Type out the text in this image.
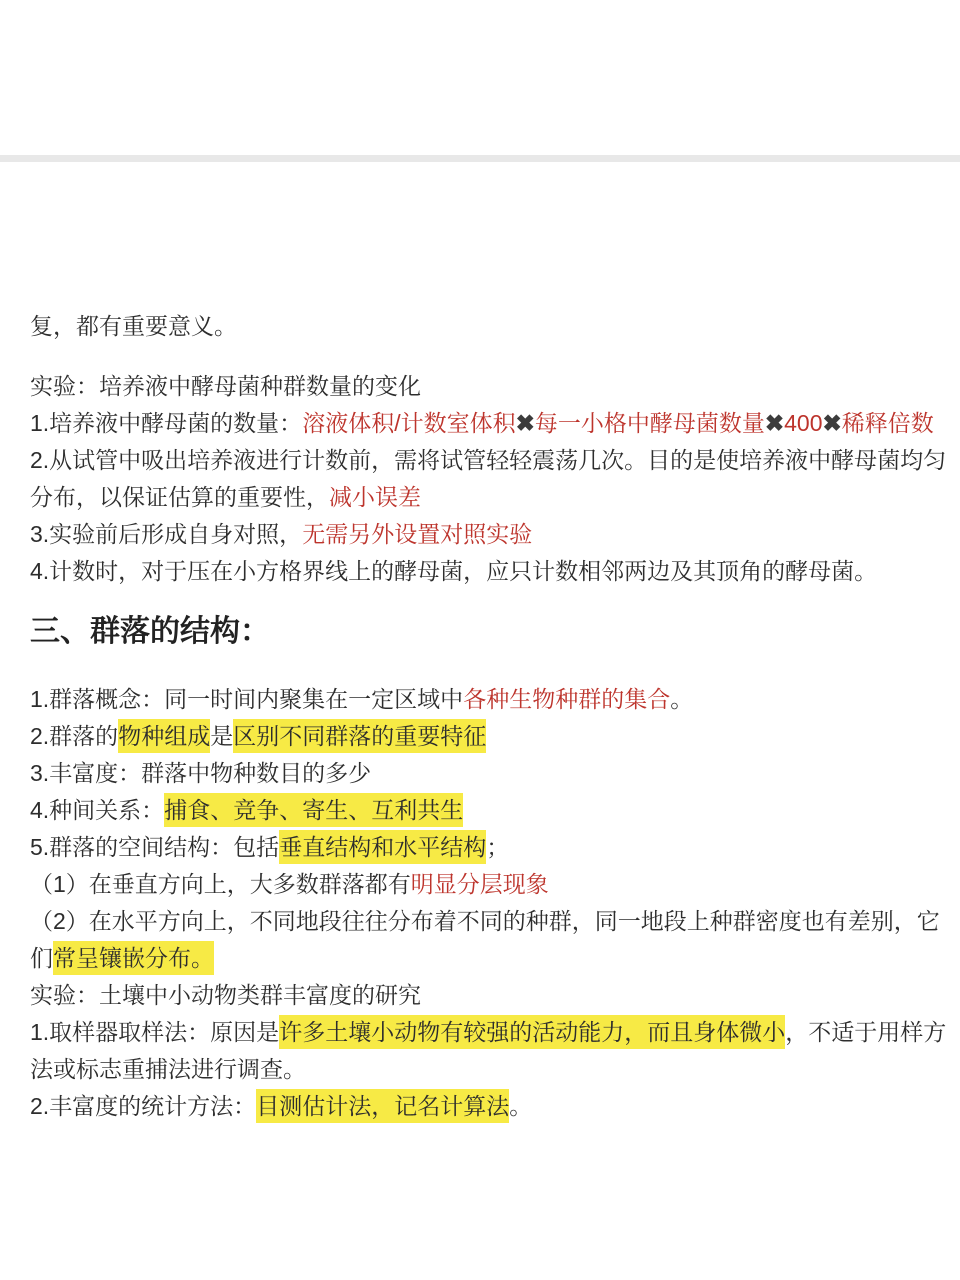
复，都有重要意义。
实验：培养液中酵母菌种群数量的变化
1.培养液中酵母菌的数量：溶液体积/计数室体积✖每一小格中酵母菌数量✖400✖稀释倍数
2.从试管中吸出培养液进行计数前，需将试管轻轻震荡几次。目的是使培养液中酵母菌均匀分布，以保证估算的重要性，减小误差
3.实验前后形成自身对照，无需另外设置对照实验
4.计数时，对于压在小方格界线上的酵母菌，应只计数相邻两边及其顶角的酵母菌。
三、群落的结构：
1.群落概念：同一时间内聚集在一定区域中各种生物种群的集合。
2.群落的物种组成是区别不同群落的重要特征
3.丰富度：群落中物种数目的多少
4.种间关系：捕食、竞争、寄生、互利共生
5.群落的空间结构：包括垂直结构和水平结构；
（1）在垂直方向上，大多数群落都有明显分层现象
（2）在水平方向上，不同地段往往分布着不同的种群，同一地段上种群密度也有差别，它们常呈镶嵌分布。
实验：土壤中小动物类群丰富度的研究
1.取样器取样法：原因是许多土壤小动物有较强的活动能力，而且身体微小，不适于用样方法或标志重捕法进行调查。
2.丰富度的统计方法：目测估计法，记名计算法。
